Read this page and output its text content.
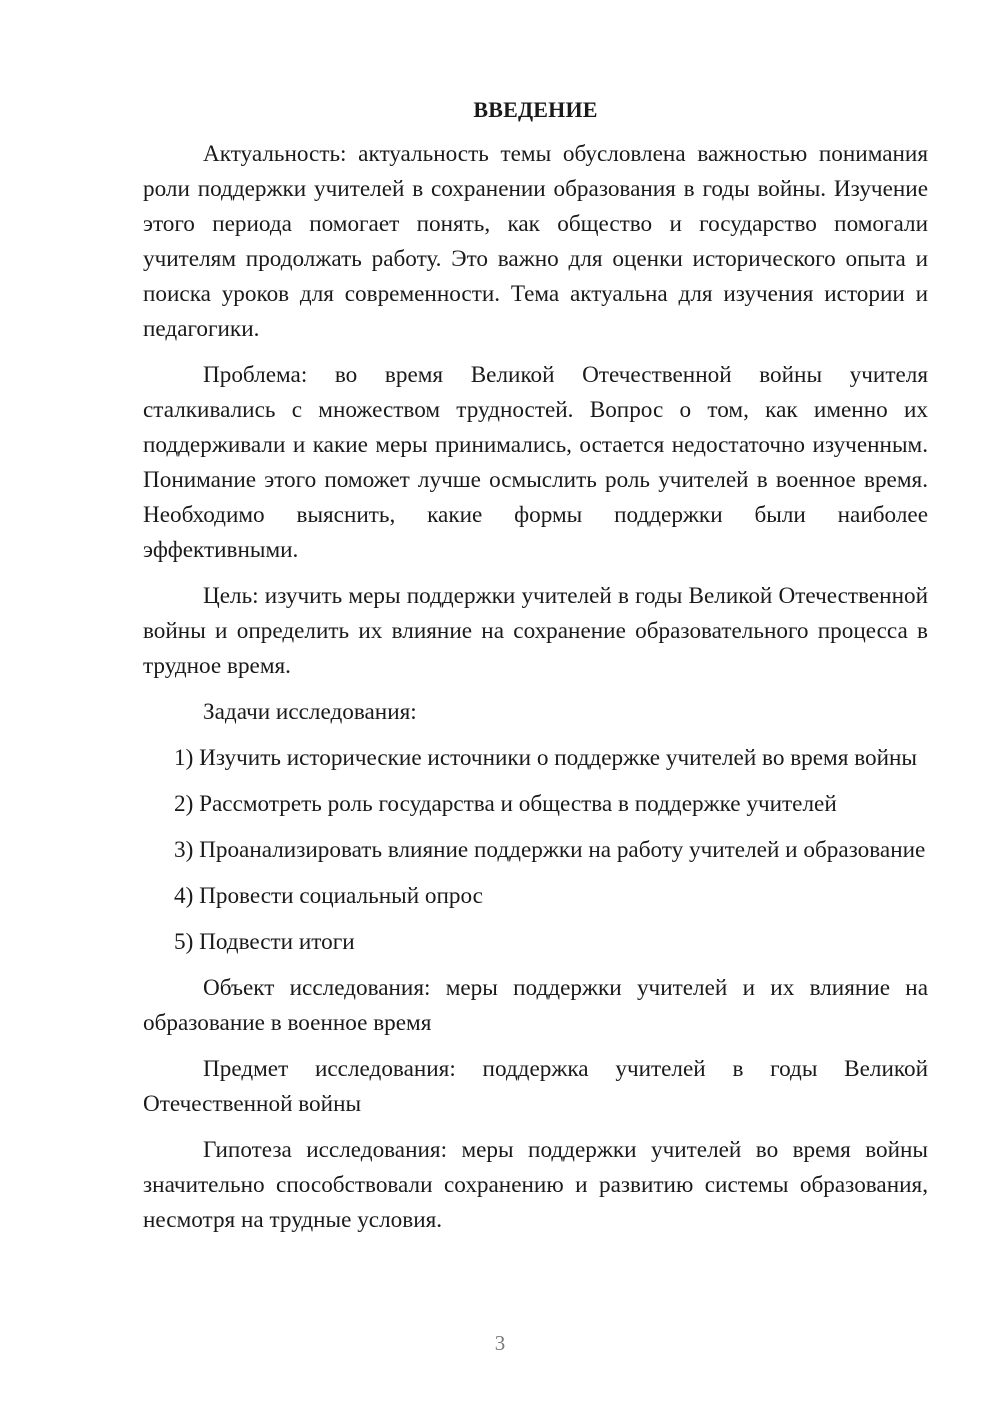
ВВЕДЕНИЕ

Актуальность: актуальность темы обусловлена важностью понимания роли поддержки учителей в сохранении образования в годы войны. Изучение этого периода помогает понять, как общество и государство помогали учителям продолжать работу. Это важно для оценки исторического опыта и поиска уроков для современности. Тема актуальна для изучения истории и педагогики.

Проблема: во время Великой Отечественной войны учителя сталкивались с множеством трудностей. Вопрос о том, как именно их поддерживали и какие меры принимались, остается недостаточно изученным. Понимание этого поможет лучше осмыслить роль учителей в военное время. Необходимо выяснить, какие формы поддержки были наиболее эффективными.

Цель: изучить меры поддержки учителей в годы Великой Отечественной войны и определить их влияние на сохранение образовательного процесса в трудное время.

Задачи исследования:

1) Изучить исторические источники о поддержке учителей во время войны

2) Рассмотреть роль государства и общества в поддержке учителей

3) Проанализировать влияние поддержки на работу учителей и образование

4) Провести социальный опрос

5) Подвести итоги

Объект исследования: меры поддержки учителей и их влияние на образование в военное время

Предмет исследования: поддержка учителей в годы Великой Отечественной войны

Гипотеза исследования: меры поддержки учителей во время войны значительно способствовали сохранению и развитию системы образования, несмотря на трудные условия.

3
